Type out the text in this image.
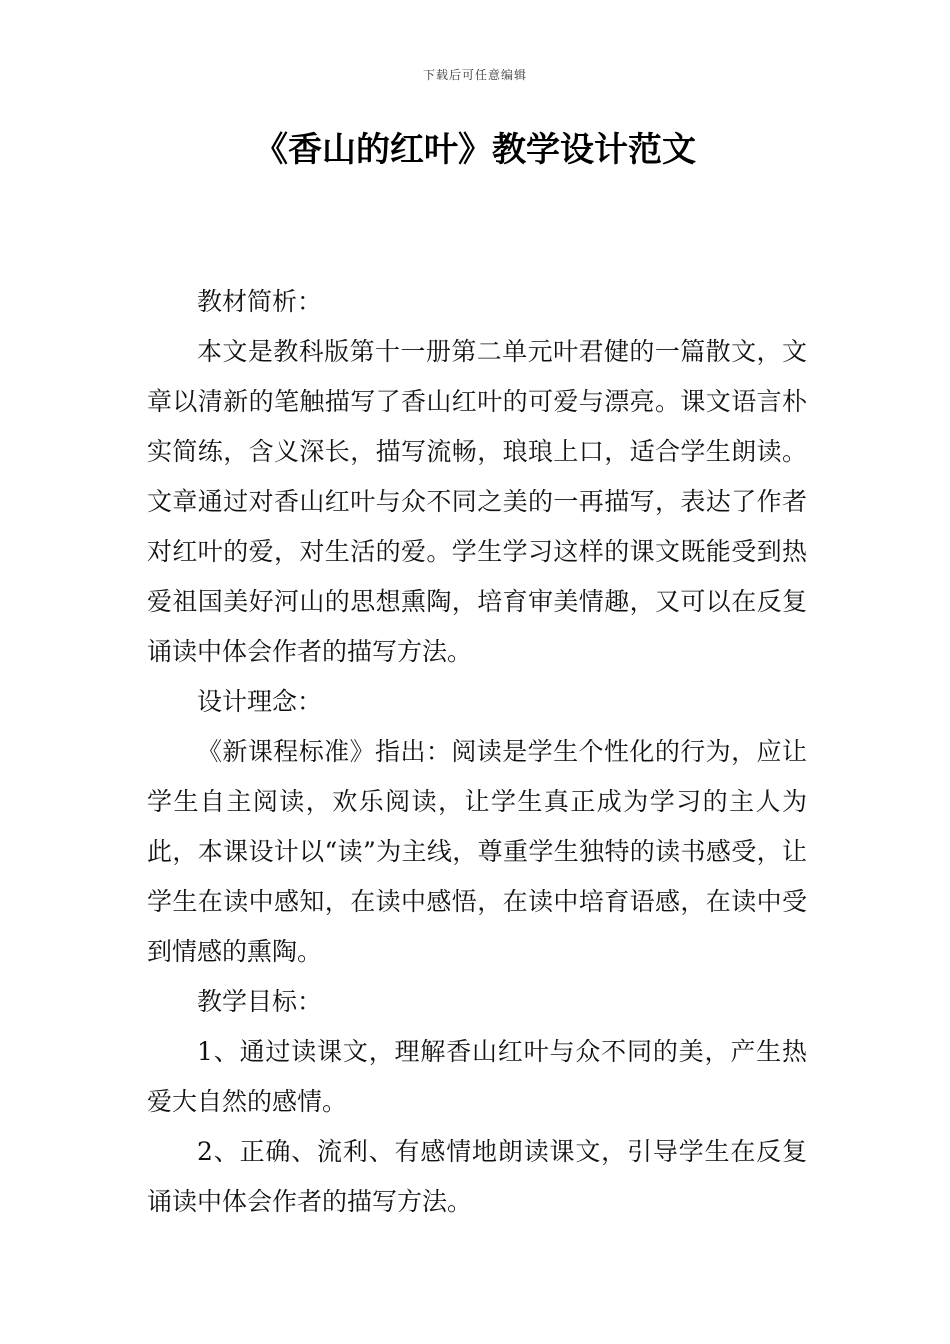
下载后可任意编辑
《香山的红叶》教学设计范文

教材简析：

本文是教科版第十一册第二单元叶君健的一篇散文，文章以清新的笔触描写了香山红叶的可爱与漂亮。课文语言朴实简练，含义深长，描写流畅，琅琅上口，适合学生朗读。文章通过对香山红叶与众不同之美的一再描写，表达了作者对红叶的爱，对生活的爱。学生学习这样的课文既能受到热爱祖国美好河山的思想熏陶，培育审美情趣，又可以在反复诵读中体会作者的描写方法。

设计理念：

《新课程标准》指出：阅读是学生个性化的行为，应让学生自主阅读，欢乐阅读，让学生真正成为学习的主人为此，本课设计以“读”为主线，尊重学生独特的读书感受，让学生在读中感知，在读中感悟，在读中培育语感，在读中受到情感的熏陶。

教学目标：

1、通过读课文，理解香山红叶与众不同的美，产生热爱大自然的感情。

2、正确、流利、有感情地朗读课文，引导学生在反复诵读中体会作者的描写方法。
